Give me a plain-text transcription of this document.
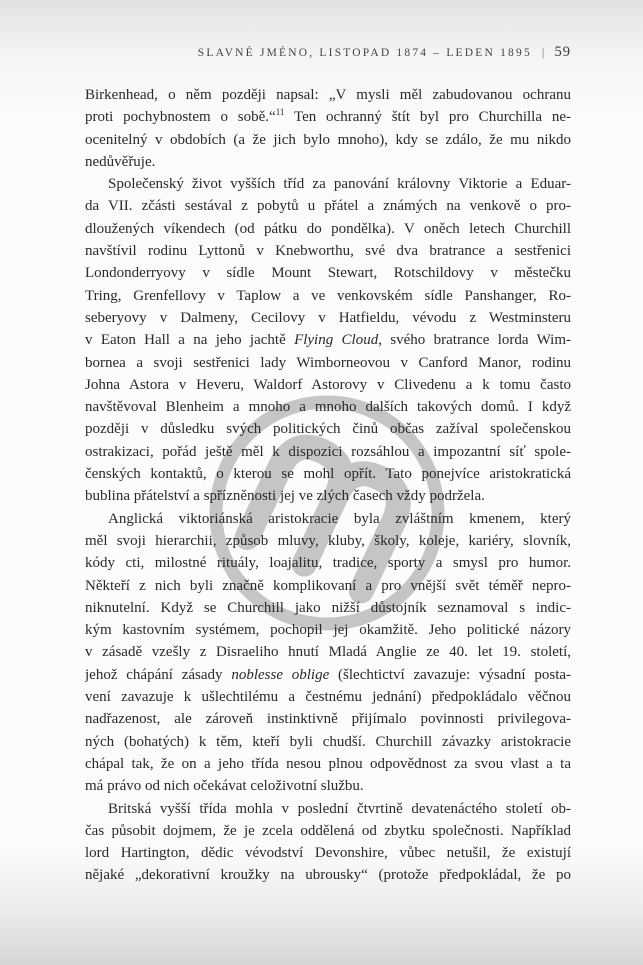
SLAVNÉ JMÉNO, LISTOPAD 1874 – LEDEN 1895 | 59
Birkenhead, o něm později napsal: „V mysli měl zabudovanou ochranu
proti pochybnostem o sobě.“$^{11}$ Ten ochranný štít byl pro Churchilla ne-
ocenitelný v obdobích (a že jich bylo mnoho), kdy se zdálo, že mu nikdo
nedůvěřuje.
Společenský život vyšších tříd za panování královny Viktorie a Eduar-
da VII. zčásti sestával z pobytů u přátel a známých na venkově o pro-
dloužených víkendech (od pátku do pondělka). V oněch letech Churchill
navštívil rodinu Lyttonů v Knebworthu, své dva bratrance a sestřenici
Londonderryovy v sídle Mount Stewart, Rotschildovy v městečku
Tring, Grenfellovy v Taplow a ve venkovském sídle Panshanger, Ro-
seberyovy v Dalmeny, Cecilovy v Hatfieldu, vévodu z Westminsteru
v Eaton Hall a na jeho jachtě Flying Cloud, svého bratrance lorda Wim-
bornea a svoji sestřenici lady Wimborneovou v Canford Manor, rodinu
Johna Astora v Heveru, Waldorf Astorovy v Clivedenu a k tomu často
navštěvoval Blenheim a mnoho a mnoho dalších takových domů. I když
později v důsledku svých politických činů občas zažíval společenskou
ostrakizaci, pořád ještě měl k dispozici rozsáhlou a impozantní síť spole-
čenských kontaktů, o kterou se mohl opřít. Tato ponejvíce aristokratická
bublina přátelství a spřízněnosti jej ve zlých časech vždy podržela.
Anglická viktoriánská aristokracie byla zvláštním kmenem, který
měl svoji hierarchii, způsob mluvy, kluby, školy, koleje, kariéry, slovník,
kódy cti, milostné rituály, loajalitu, tradice, sporty a smysl pro humor.
Někteří z nich byli značně komplikovaní a pro vnější svět téměř nepro-
niknutelní. Když se Churchill jako nižší důstojník seznamoval s indic-
kým kastovním systémem, pochopil jej okamžitě. Jeho politické názory
v zásadě vzešly z Disraeliho hnutí Mladá Anglie ze 40. let 19. století,
jehož chápání zásady noblesse oblige (šlechtictví zavazuje: výsadní posta-
vení zavazuje k ušlechtilému a čestnému jednání) předpokládalo věčnou
nadřazenost, ale zároveň instinktivně přijímalo povinnosti privilegova-
ných (bohatých) k těm, kteří byli chudší. Churchill závazky aristokracie
chápal tak, že on a jeho třída nesou plnou odpovědnost za svou vlast a ta
má právo od nich očekávat celoživotní službu.
Britská vyšší třída mohla v poslední čtvrtině devatenáctého století ob-
čas působit dojmem, že je zcela oddělená od zbytku společnosti. Například
lord Hartington, dědic vévodství Devonshire, vůbec netušil, že existují
nějaké „dekorativní kroužky na ubrousky“ (protože předpokládal, že po
